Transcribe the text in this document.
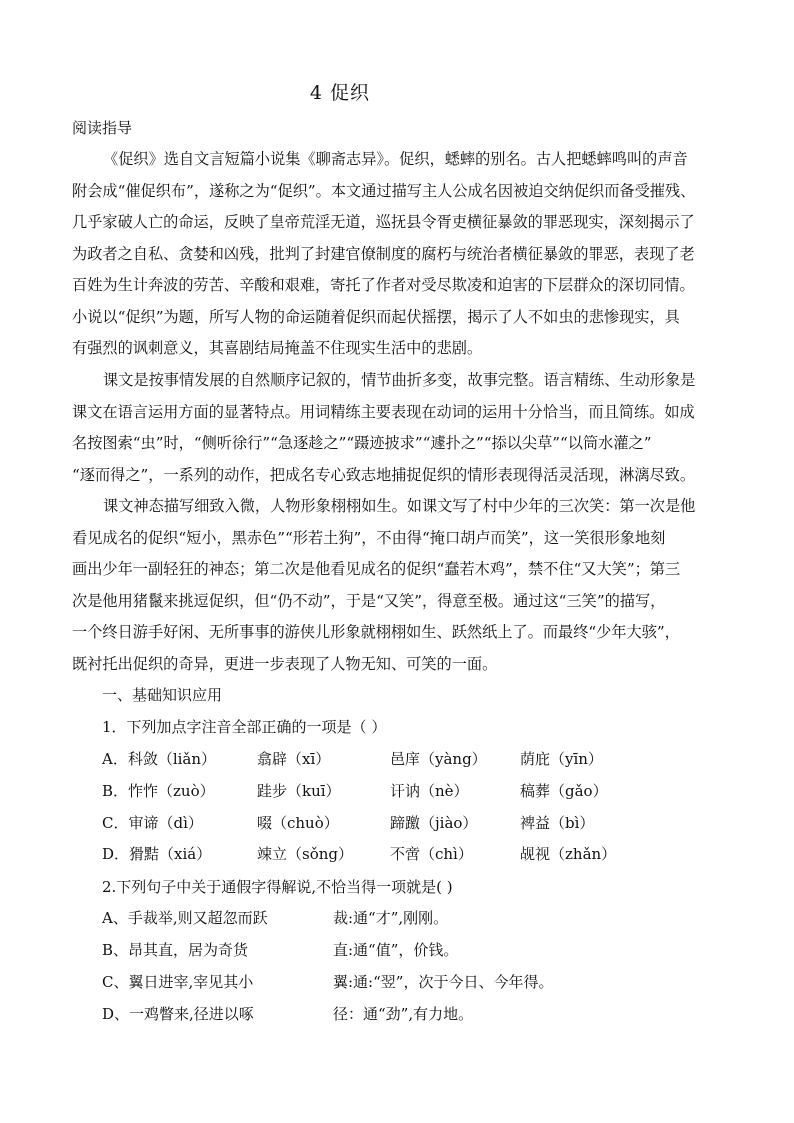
4 促织
阅读指导
《促织》选自文言短篇小说集《聊斋志异》。促织，蟋蟀的别名。古人把蟋蟀鸣叫的声音
附会成“催促织布”，遂称之为“促织”。本文通过描写主人公成名因被迫交纳促织而备受摧残、
几乎家破人亡的命运，反映了皇帝荒淫无道，巡抚县令胥吏横征暴敛的罪恶现实，深刻揭示了
为政者之自私、贪婪和凶残，批判了封建官僚制度的腐朽与统治者横征暴敛的罪恶，表现了老
百姓为生计奔波的劳苦、辛酸和艰难，寄托了作者对受尽欺凌和迫害的下层群众的深切同情。
小说以“促织”为题，所写人物的命运随着促织而起伏摇摆，揭示了人不如虫的悲惨现实，具
有强烈的讽刺意义，其喜剧结局掩盖不住现实生活中的悲剧。
课文是按事情发展的自然顺序记叙的，情节曲折多变，故事完整。语言精练、生动形象是
课文在语言运用方面的显著特点。用词精练主要表现在动词的运用十分恰当，而且简练。如成
名按图索“虫”时，“侧听徐行”“急逐趁之”“蹑迹披求”“遽扑之”“掭以尖草”“以筒水灌之”
“逐而得之”，一系列的动作，把成名专心致志地捕捉促织的情形表现得活灵活现，淋漓尽致。
课文神态描写细致入微，人物形象栩栩如生。如课文写了村中少年的三次笑：第一次是他
看见成名的促织“短小，黑赤色”“形若土狗”，不由得“掩口胡卢而笑”，这一笑很形象地刻
画出少年一副轻狂的神态；第二次是他看见成名的促织“蠢若木鸡”，禁不住“又大笑”；第三
次是他用猪鬣来挑逗促织，但“仍不动”，于是“又笑”，得意至极。通过这“三笑”的描写，
一个终日游手好闲、无所事事的游侠儿形象就栩栩如生、跃然纸上了。而最终“少年大骇”，
既衬托出促织的奇异，更进一步表现了人物无知、可笑的一面。
一、基础知识应用
1．下列加点字注音全部正确的一项是（ ）
A．科敛（liǎn）	翕辟（xī）	邑庠（yàng） 荫庇（yīn）
B．怍怍（zuò）	跬步（kuī）	讦讷（nè）	稿葬（gǎo）
C．审谛（dì）	啜（chuò）	蹄躈（jiào）	裨益（bì）
D．猾黠（xiá）	竦立（sǒng） 不啻（chì）	觇视（zhǎn）
2.下列句子中关于通假字得解说,不恰当得一项就是( )
A、手裁举,则又超忽而跃	裁:通“才”,刚刚。
B、昂其直，居为奇货	直:通“值”，价钱。
C、翼日进宰,宰见其小	翼:通:“翌”，次于今日、今年得。
D、一鸡瞥来,径进以啄	径：通“劲”,有力地。
